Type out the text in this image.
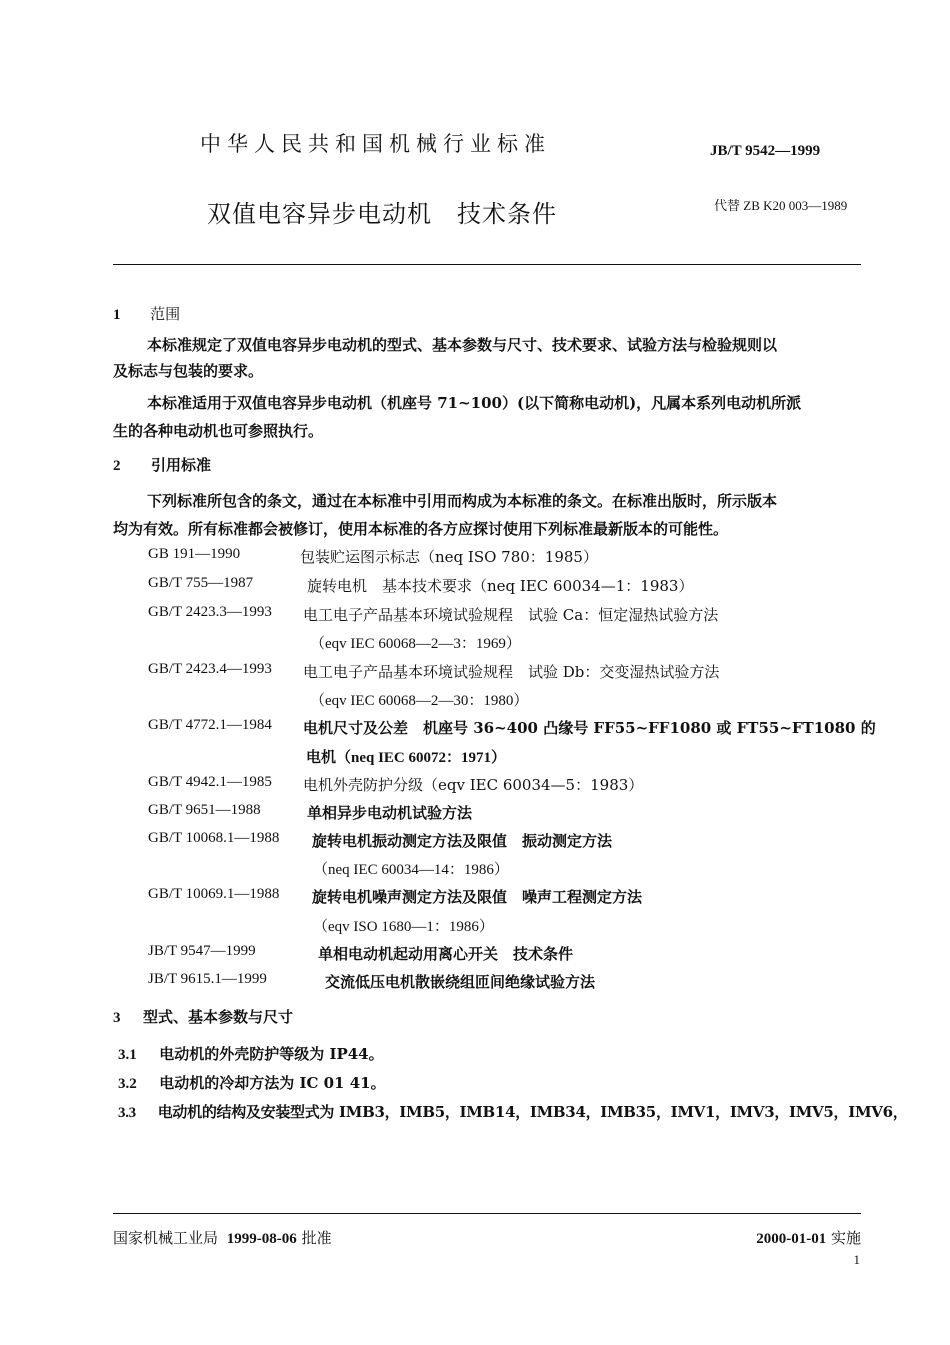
中华人民共和国机械行业标准	JB/T 9542—1999
双值电容异步电动机　技术条件	代替 ZB K20 003—1989
1 范围
本标准规定了双值电容异步电动机的型式、基本参数与尺寸、技术要求、试验方法与检验规则以
及标志与包装的要求。
本标准适用于双值电容异步电动机（机座号 71~100）(以下简称电动机)，凡属本系列电动机所派
生的各种电动机也可参照执行。
2 引用标准
下列标准所包含的条文，通过在本标准中引用而构成为本标准的条文。在标准出版时，所示版本
均为有效。所有标准都会被修订，使用本标准的各方应探讨使用下列标准最新版本的可能性。
GB 191—1990	包装贮运图示标志（neq ISO 780：1985）
GB/T 755—1987	旋转电机　基本技术要求（neq IEC 60034—1：1983）
GB/T 2423.3—1993 电工电子产品基本环境试验规程　试验 Ca：恒定湿热试验方法
（eqv IEC 60068—2—3：1969）
GB/T 2423.4—1993 电工电子产品基本环境试验规程　试验 Db：交变湿热试验方法
（eqv IEC 60068—2—30：1980）
GB/T 4772.1—1984 电机尺寸及公差　机座号 36~400 凸缘号 FF55~FF1080 或 FT55~FT1080 的
电机（neq IEC 60072：1971）
GB/T 4942.1—1985 电机外壳防护分级（eqv IEC 60034—5：1983）
GB/T 9651—1988	单相异步电动机试验方法
GB/T 10068.1—1988 旋转电机振动测定方法及限值　振动测定方法
（neq IEC 60034—14：1986）
GB/T 10069.1—1988 旋转电机噪声测定方法及限值　噪声工程测定方法
（eqv ISO 1680—1：1986）
JB/T 9547—1999	单相电动机起动用离心开关　技术条件
JB/T 9615.1—1999	交流低压电机散嵌绕组匝间绝缘试验方法
3 型式、基本参数与尺寸
3.1 电动机的外壳防护等级为 IP44。
3.2 电动机的冷却方法为 IC 01 41。
3.3 电动机的结构及安装型式为 IMB3，IMB5，IMB14，IMB34，IMB35，IMV1，IMV3，IMV5，IMV6，
国家机械工业局 1999-08-06 批准	2000-01-01 实施
1
